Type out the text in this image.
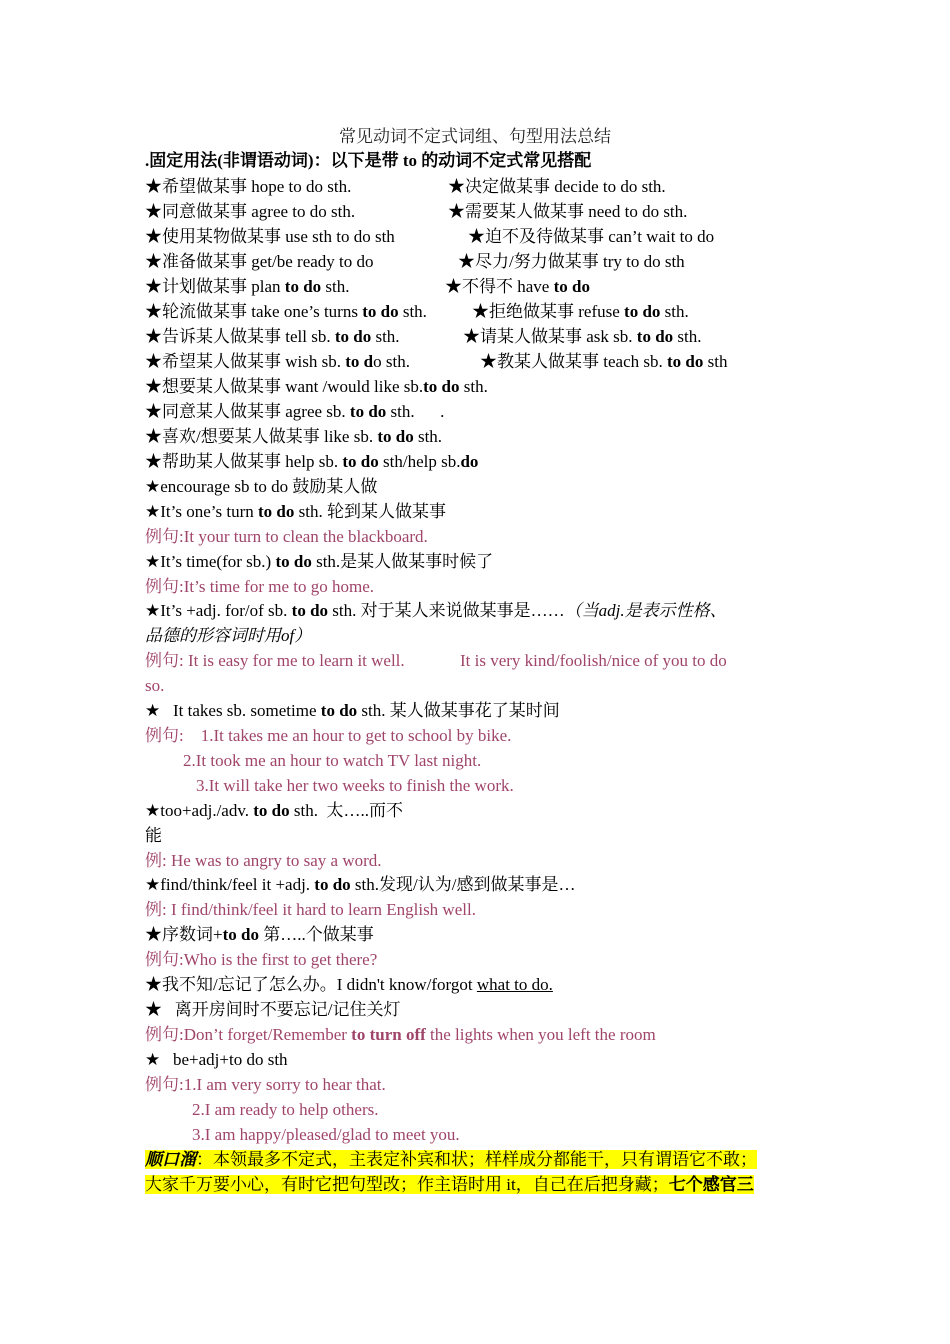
常见动词不定式词组、句型用法总结
.固定用法(非谓语动词)：以下是带 to 的动词不定式常见搭配
★希望做某事 hope to do sth.	★决定做某事 decide to do sth.
★同意做某事 agree to do sth.	★需要某人做某事 need to do sth.
★使用某物做某事 use sth to do sth	★迫不及待做某事 can’t wait to do
★准备做某事 get/be ready to do	★尽力/努力做某事 try to do sth
★计划做某事 plan to do sth.	★不得不 have to do
★轮流做某事 take one’s turns to do sth.	★拒绝做某事 refuse to do sth.
★告诉某人做某事 tell sb. to do sth.	★请某人做某事 ask sb. to do sth.
★希望某人做某事 wish sb. to do sth.	★教某人做某事 teach sb. to do sth
★想要某人做某事 want /would like sb.to do sth.
★同意某人做某事 agree sb. to do sth.      .
★喜欢/想要某人做某事 like sb. to do sth.
★帮助某人做某事 help sb. to do sth/help sb.do
★encourage sb to do 鼓励某人做
★It’s one’s turn to do sth. 轮到某人做某事
例句:It your turn to clean the blackboard.
★It’s time(for sb.) to do sth.是某人做某事时候了
例句:It’s time for me to go home.
★It’s +adj. for/of sb. to do sth. 对于某人来说做某事是……（当adj.是表示性格、
品德的形容词时用of）
例句: It is easy for me to learn it well.	It is very kind/foolish/nice of you to do
so.
★   It takes sb. sometime to do sth. 某人做某事花了某时间
例句:    1.It takes me an hour to get to school by bike.
2.It took me an hour to watch TV last night.
3.It will take her two weeks to finish the work.
★too+adj./adv. to do sth.  太…..而不
能
例: He was to angry to say a word.
★find/think/feel it +adj. to do sth.发现/认为/感到做某事是…
例: I find/think/feel it hard to learn English well.
★序数词+to do 第…..个做某事
例句:Who is the first to get there?
★我不知/忘记了怎么办。I didn't know/forgot what to do.
★   离开房间时不要忘记/记住关灯
例句:Don’t forget/Remember to turn off the lights when you left the room
★   be+adj+to do sth
例句:1.I am very sorry to hear that.
2.I am ready to help others.
3.I am happy/pleased/glad to meet you.
顺口溜：本领最多不定式，主表定补宾和状；样样成分都能干，只有谓语它不敢；
大家千万要小心，有时它把句型改；作主语时用 it，自己在后把身藏；七个感官三
